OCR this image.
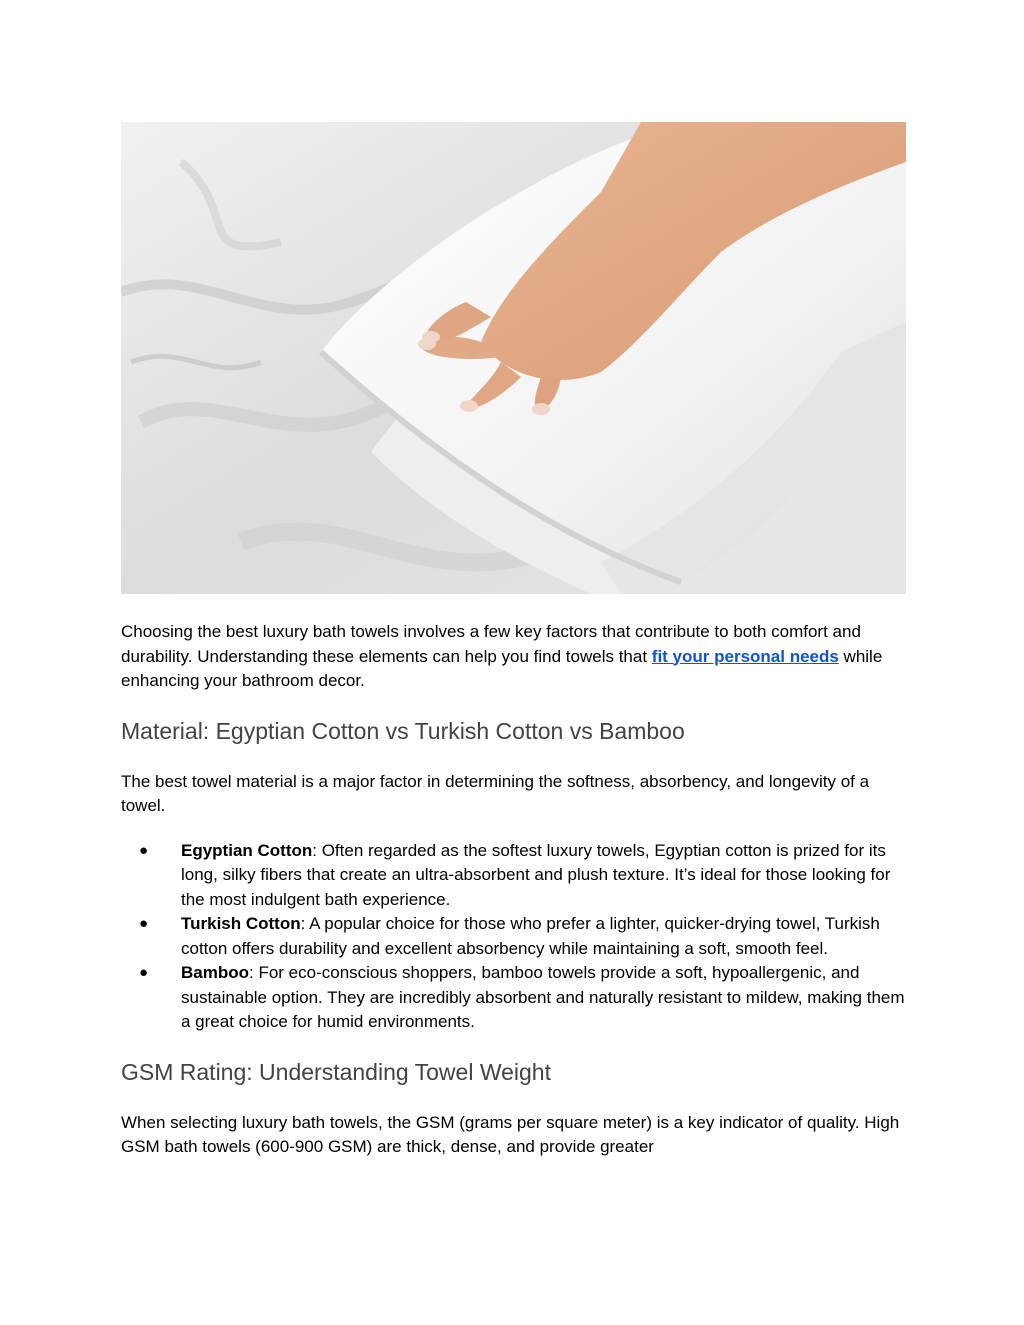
Choosing the best luxury bath towels involves a few key factors that contribute to both comfort and durability. Understanding these elements can help you find towels that fit your personal needs while enhancing your bathroom decor.

Material: Egyptian Cotton vs Turkish Cotton vs Bamboo

The best towel material is a major factor in determining the softness, absorbency, and longevity of a towel.

● Egyptian Cotton: Often regarded as the softest luxury towels, Egyptian cotton is prized for its long, silky fibers that create an ultra-absorbent and plush texture. It’s ideal for those looking for the most indulgent bath experience.
● Turkish Cotton: A popular choice for those who prefer a lighter, quicker-drying towel, Turkish cotton offers durability and excellent absorbency while maintaining a soft, smooth feel.
● Bamboo: For eco-conscious shoppers, bamboo towels provide a soft, hypoallergenic, and sustainable option. They are incredibly absorbent and naturally resistant to mildew, making them a great choice for humid environments.
GSM Rating: Understanding Towel Weight

When selecting luxury bath towels, the GSM (grams per square meter) is a key indicator of quality. High GSM bath towels (600-900 GSM) are thick, dense, and provide greater
